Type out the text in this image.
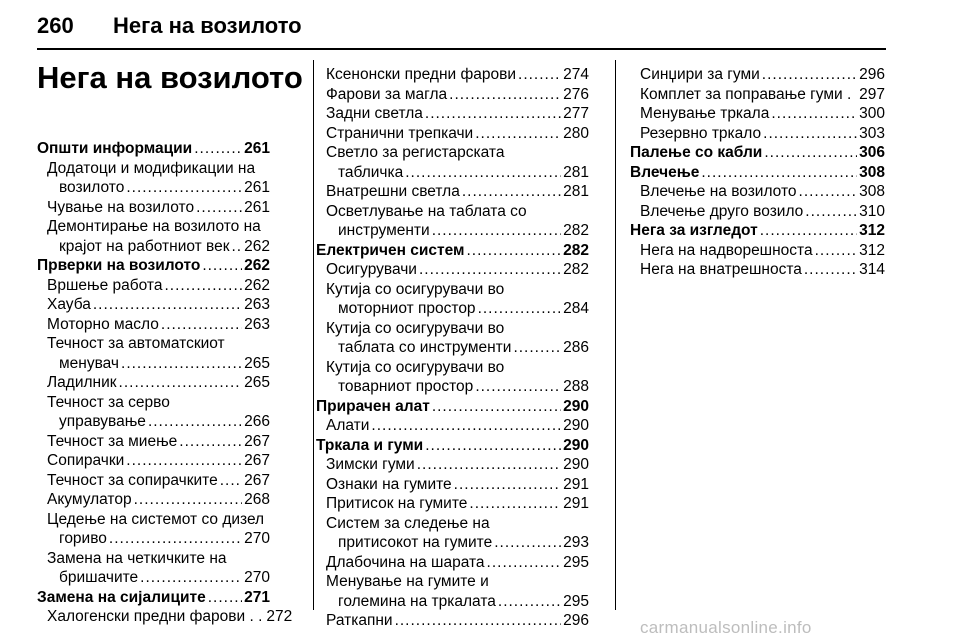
260 Нега на возилото
Нега на возилото
Општи информации .....	261
Додатоци и модификации на
возилото .....	261
Чување на возилото .....	261
Демонтирање на возилото на
крајот на работниот век ..... 262
Прверки на возилото .....	262
Вршење работа .....	262
Хауба .....	263
Моторно масло .....	263
Течност за автоматскиот
менувач .....	265
Ладилник .....	265
Течност за серво
управување .....	266
Течност за миење .....	267
Сопирачки .....	267
Течност за сопирачките ..... 267
Акумулатор .....	268
Цедење на системот со дизел
гориво .....	270
Замена на четкичките на
бришачите .....	270
Замена на сијалиците ..... 271
Халогенски предни фарови . . 272
Ксенонски предни фарови .....	274
Фарови за магла .....	276
Задни светла .....	277
Странични трепкачи .....	280
Светло за регистарската
табличка .....	281
Внатрешни светла .....	281
Осветлување на таблата со
инструменти .....	282
Електричен систем .....	282
Осигурувачи .....	282
Кутија со осигурувачи во
моторниот простор .....	284
Кутија со осигурувачи во
таблата со инструменти .....	286
Кутија со осигурувачи во
товарниот простор .....	288
Прирачен алат .....	290
Алати .....	290
Тркала и гуми .....	290
Зимски гуми .....	290
Ознаки на гумите .....	291
Притисок на гумите .....	291
Систем за следење на
притисокот на гумите .....	293
Длабочина на шарата .....	295
Менување на гумите и
големина на тркалата .....	295
Раткапни .....	296
Синџири за гуми .....	296
Комплет за поправање гуми . 297
Менување тркала .....	300
Резервно тркало .....	303
Палење со кабли .....	306
Влечење .....	308
Влечење на возилото .....	308
Влечење друго возило .....	310
Нега за изгледот .....	312
Нега на надворешноста .....	312
Нега на внатрешноста .....	314
carmanualsonline.info
